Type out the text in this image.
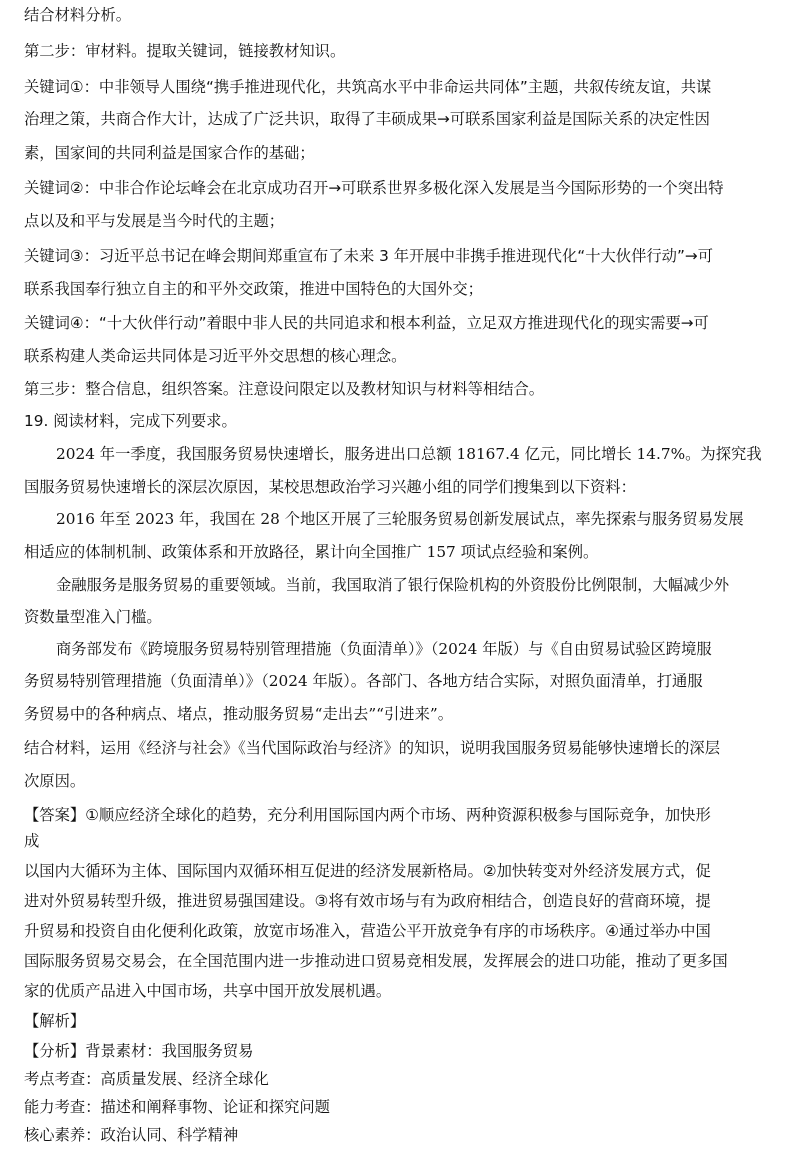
结合材料分析。
第二步：审材料。提取关键词，链接教材知识。
关键词①：中非领导人围绕“携手推进现代化，共筑高水平中非命运共同体”主题，共叙传统友谊，共谋
治理之策，共商合作大计，达成了广泛共识，取得了丰硕成果→可联系国家利益是国际关系的决定性因
素，国家间的共同利益是国家合作的基础；
关键词②：中非合作论坛峰会在北京成功召开→可联系世界多极化深入发展是当今国际形势的一个突出特
点以及和平与发展是当今时代的主题；
关键词③：习近平总书记在峰会期间郑重宣布了未来 3 年开展中非携手推进现代化“十大伙伴行动”→可
联系我国奉行独立自主的和平外交政策，推进中国特色的大国外交；
关键词④：“十大伙伴行动”着眼中非人民的共同追求和根本利益，立足双方推进现代化的现实需要→可
联系构建人类命运共同体是习近平外交思想的核心理念。
第三步：整合信息，组织答案。注意设问限定以及教材知识与材料等相结合。
19. 阅读材料，完成下列要求。
2024 年一季度，我国服务贸易快速增长，服务进出口总额 18167.4 亿元，同比增长 14.7%。为探究我
国服务贸易快速增长的深层次原因，某校思想政治学习兴趣小组的同学们搜集到以下资料：
2016 年至 2023 年，我国在 28 个地区开展了三轮服务贸易创新发展试点，率先探索与服务贸易发展
相适应的体制机制、政策体系和开放路径，累计向全国推广 157 项试点经验和案例。
金融服务是服务贸易的重要领域。当前，我国取消了银行保险机构的外资股份比例限制，大幅减少外
资数量型准入门槛。
商务部发布《跨境服务贸易特别管理措施（负面清单）》（2024 年版）与《自由贸易试验区跨境服
务贸易特别管理措施（负面清单）》（2024 年版）。各部门、各地方结合实际，对照负面清单，打通服
务贸易中的各种病点、堵点，推动服务贸易“走出去”“引进来”。
结合材料，运用《经济与社会》《当代国际政治与经济》的知识，说明我国服务贸易能够快速增长的深层
次原因。
【答案】①顺应经济全球化的趋势，充分利用国际国内两个市场、两种资源积极参与国际竞争，加快形
成
以国内大循环为主体、国际国内双循环相互促进的经济发展新格局。②加快转变对外经济发展方式，促
进对外贸易转型升级，推进贸易强国建设。③将有效市场与有为政府相结合，创造良好的营商环境，提
升贸易和投资自由化便利化政策，放宽市场准入，营造公平开放竞争有序的市场秩序。④通过举办中国
国际服务贸易交易会，在全国范围内进一步推动进口贸易竞相发展，发挥展会的进口功能，推动了更多国
家的优质产品进入中国市场，共享中国开放发展机遇。
【解析】
【分析】背景素材：我国服务贸易
考点考查：高质量发展、经济全球化
能力考查：描述和阐释事物、论证和探究问题
核心素养：政治认同、科学精神
